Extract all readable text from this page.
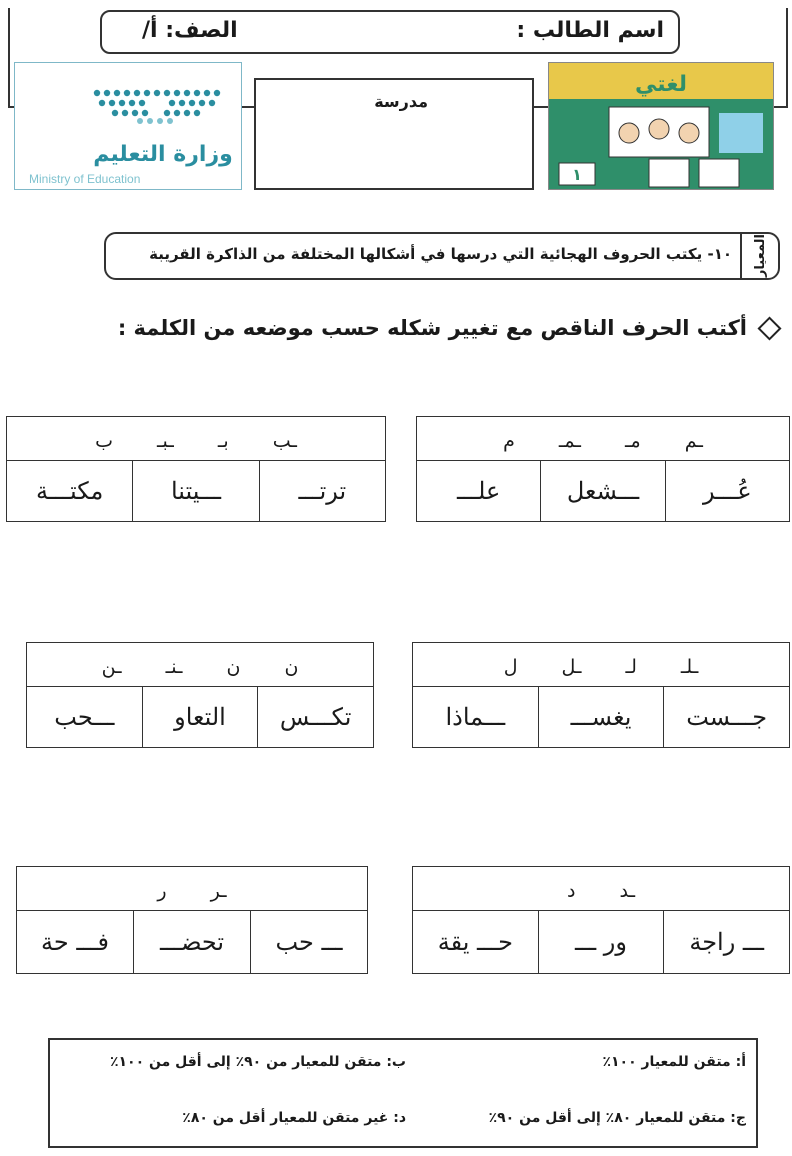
اسم الطالب :
الصف: أ/
وزارة التعليم
Ministry of Education
مدرسة
لغتي
١
المعيار
١٠- يكتب الحروف الهجائية التي درسها في أشكالها المختلفة من الذاكرة القريبة
أكتب الحرف الناقص مع تغيير شكله حسب موضعه من الكلمة :
م ـمـ مـ ـم
عُـــر
ـــشعل
علـــ
ب ـبـ بـ ـب
ترتـــ
ـــيتنا
مكتـــة
ل ـل لـ ـلـ
جـــست
يغســـ
ـــماذا
ـن ـنـ ن ن
تكـــس
التعاو
ـــحب
د ـد
ـــ راجة
ور ـــ
حـــ يقة
ر ـر
ـــ حب
تحضـــ
فـــ حة
أ: متقن للمعيار ١٠٠٪
ب: متقن للمعيار من ٩٠٪ إلى أقل من ١٠٠٪
ج: متقن للمعيار ٨٠٪ إلى أقل من ٩٠٪
د: غير متقن للمعيار أقل من ٨٠٪
